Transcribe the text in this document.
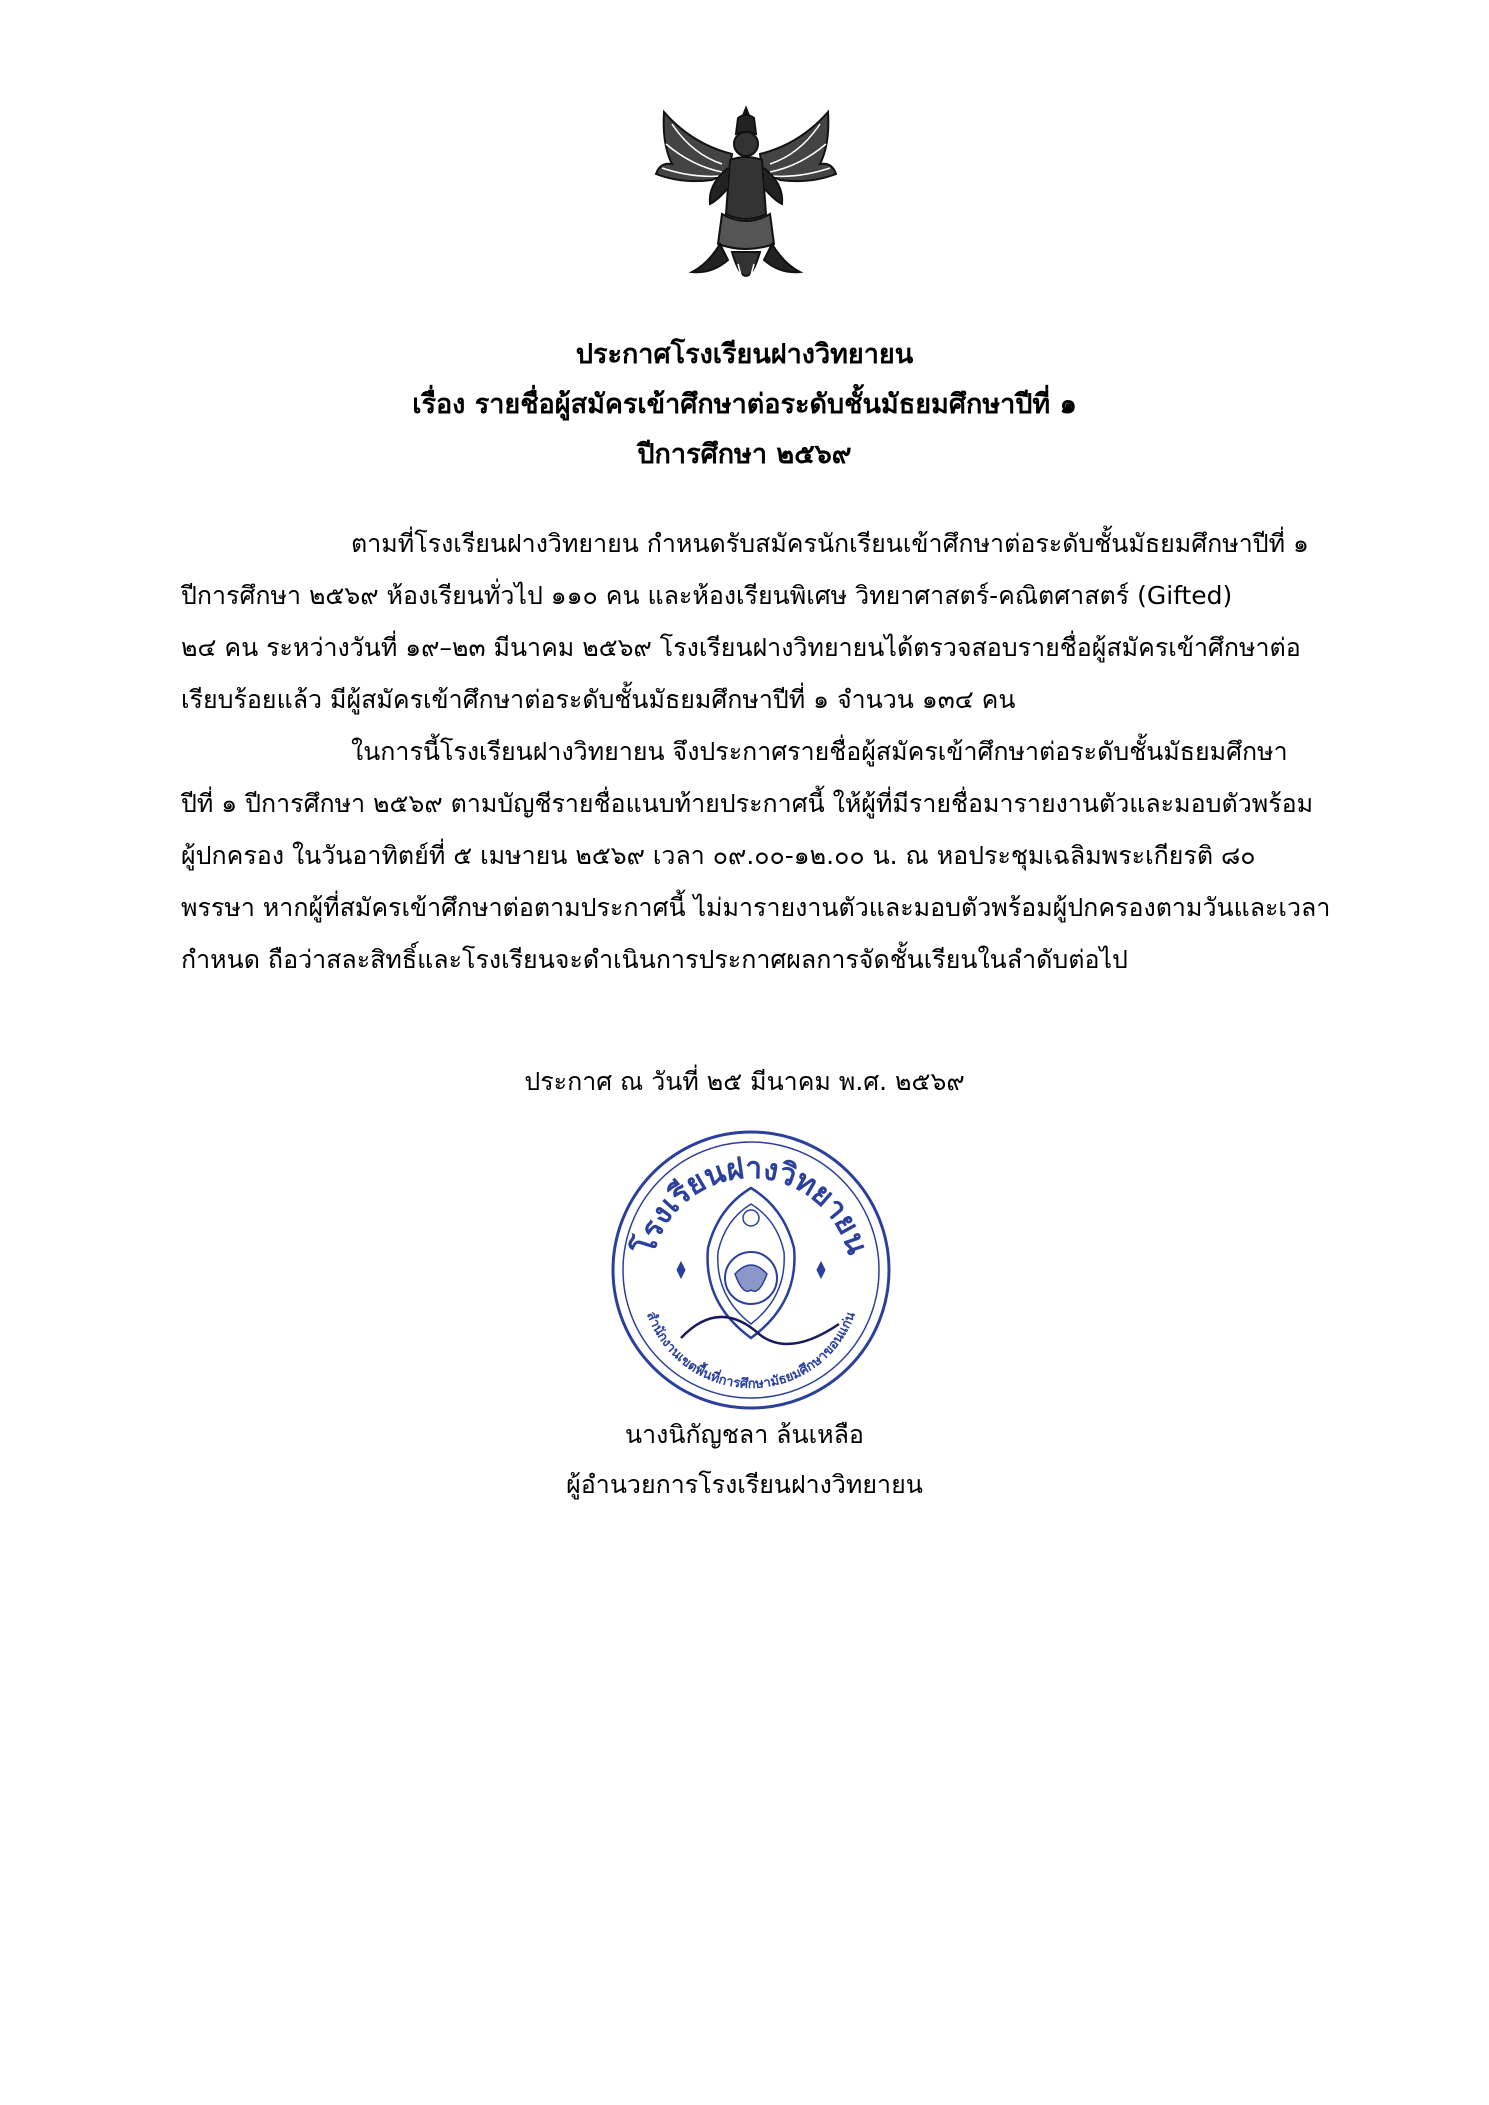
ประกาศโรงเรียนฝางวิทยายน
เรื่อง รายชื่อผู้สมัครเข้าศึกษาต่อระดับชั้นมัธยมศึกษาปีที่ ๑
ปีการศึกษา ๒๕๖๙
ตามที่โรงเรียนฝางวิทยายน กำหนดรับสมัครนักเรียนเข้าศึกษาต่อระดับชั้นมัธยมศึกษาปีที่ ๑
ปีการศึกษา ๒๕๖๙ ห้องเรียนทั่วไป ๑๑๐ คน และห้องเรียนพิเศษ วิทยาศาสตร์-คณิตศาสตร์ (Gifted)
๒๔ คน ระหว่างวันที่ ๑๙–๒๓ มีนาคม ๒๕๖๙ โรงเรียนฝางวิทยายนได้ตรวจสอบรายชื่อผู้สมัครเข้าศึกษาต่อ
เรียบร้อยแล้ว มีผู้สมัครเข้าศึกษาต่อระดับชั้นมัธยมศึกษาปีที่ ๑ จำนวน ๑๓๔ คน
ในการนี้โรงเรียนฝางวิทยายน จึงประกาศรายชื่อผู้สมัครเข้าศึกษาต่อระดับชั้นมัธยมศึกษา
ปีที่ ๑ ปีการศึกษา ๒๕๖๙ ตามบัญชีรายชื่อแนบท้ายประกาศนี้ ให้ผู้ที่มีรายชื่อมารายงานตัวและมอบตัวพร้อม
ผู้ปกครอง ในวันอาทิตย์ที่ ๕ เมษายน ๒๕๖๙ เวลา ๐๙.๐๐-๑๒.๐๐ น. ณ หอประชุมเฉลิมพระเกียรติ ๘๐
พรรษา หากผู้ที่สมัครเข้าศึกษาต่อตามประกาศนี้ ไม่มารายงานตัวและมอบตัวพร้อมผู้ปกครองตามวันและเวลา
กำหนด ถือว่าสละสิทธิ์และโรงเรียนจะดำเนินการประกาศผลการจัดชั้นเรียนในลำดับต่อไป
ประกาศ ณ วันที่ ๒๕ มีนาคม พ.ศ. ๒๕๖๙
โรงเรียนฝางวิทยายน
สำนักงานเขตพื้นที่การศึกษามัธยมศึกษาขอนแก่น
นางนิกัญชลา ล้นเหลือ
ผู้อำนวยการโรงเรียนฝางวิทยายน
